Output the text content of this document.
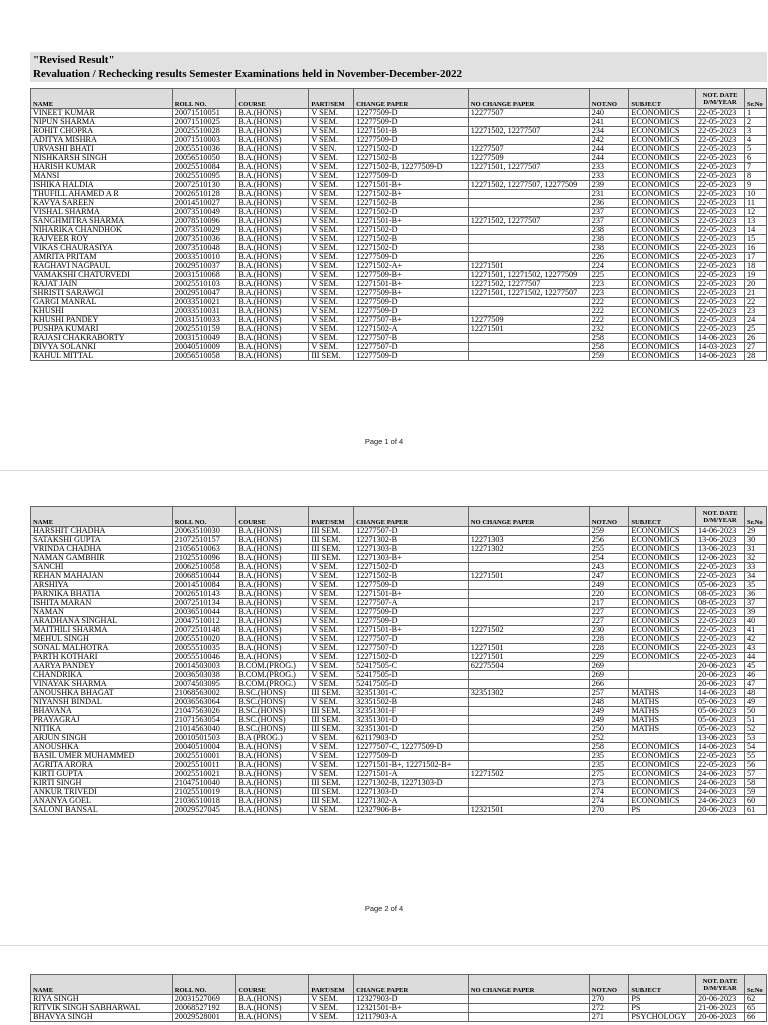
"Revised Result"
Revaluation / Rechecking results Semester Examinations held in November-December-2022
NAME	ROLL NO.	COURSE	PART/SEM	CHANGE PAPER	NO CHANGE PAPER	NOT.NO	SUBJECT	NOT. DATE D/M/YEAR	Sr.No
VINEET KUMAR	20071510051	B.A.(HONS)	V SEM.	12277509-D	12277507	240	ECONOMICS	22-05-2023	1
NIPUN SHARMA	20071510025	B.A.(HONS)	V SEM.	12277509-D		241	ECONOMICS	22-05-2023	2
ROHIT CHOPRA	20025510028	B.A.(HONS)	V SEM.	12271501-B	12271502, 12277507	234	ECONOMICS	22-05-2023	3
ADITYA MISHRA	20071510003	B.A.(HONS)	V SEM.	12277509-D		242	ECONOMICS	22-05-2023	4
URVASHI BHATI	20055510036	B.A.(HONS)	V SEN.	12271502-D	12277507	244	ECONOMICS	22-05-2023	5
NISHKARSH SINGH	20056510050	B.A.(HONS)	V SEM.	12271502-B	12277509	244	ECONOMICS	22-05-2023	6
HARISH KUMAR	20025510084	B.A.(HONS)	V SEM.	12271502-B, 12277509-D	12271501, 12277507	233	ECONOMICS	22-05-2023	7
MANSI	20025510095	B.A.(HONS)	V SEM.	12277509-D		233	ECONOMICS	22-05-2023	8
ISHIKA HALDIA	20072510130	B.A.(HONS)	V SEM.	12271501-B+	12271502, 12277507, 12277509	239	ECONOMICS	22-05-2023	9
THUFILL AHAMED A R	20026510128	B.A.(HONS)	V SEM.	12271502-B+		231	ECONOMICS	22-05-2023	10
KAVYA SAREEN	20014510027	B.A.(HONS)	V SEM.	12271502-B		236	ECONOMICS	22-05-2023	11
VISHAL SHARMA	20073510049	B.A.(HONS)	V SEM.	12271502-D		237	ECONOMICS	22-05-2023	12
SANGHMITRA SHARMA	20078510096	B.A.(HONS)	V SEM.	12271501-B+	12271502, 12277507	237	ECONOMICS	22-05-2023	13
NIHARIKA CHANDHOK	20073510029	B.A.(HONS)	V SEM.	12271502-D		238	ECONOMICS	22-05-2023	14
RAJVEER ROY	20073510036	B.A.(HONS)	V SEM.	12271502-B		238	ECONOMICS	22-05-2023	15
VIKAS CHAURASIYA	20073510048	B.A.(HONS)	V SEM.	12271502-D		238	ECONOMICS	22-05-2023	16
AMRITA PRITAM	20033510010	B.A.(HONS)	V SEM.	12277509-D		226	ECONOMICS	22-05-2023	17
RAGHAVI NAGPAUL	20029510037	B.A.(HONS)	V SEM.	12271502-A+	12271501	224	ECONOMICS	22-05-2023	18
VAMAKSHI CHATURVEDI	20031510068	B.A.(HONS)	V SEM.	12277509-B+	12271501, 12271502, 12277509	225	ECONOMICS	22-05-2023	19
RAJAT JAIN	20025510103	B.A.(HONS)	V SEM.	12271501-B+	12271502, 12277507	223	ECONOMICS	22-05-2023	20
SHRISTI SARAWGI	20029510047	B.A.(HONS)	V SEM.	12277509-B+	12271501, 12271502, 12277507	223	ECONOMICS	22-05-2023	21
GARGI MANRAL	20033510021	B.A.(HONS)	V SEM.	12277509-D		222	ECONOMICS	22-05-2023	22
KHUSHI	20033510031	B.A.(HONS)	V SEM.	12277509-D		222	ECONOMICS	22-05-2023	23
KHUSHI PANDEY	20031510033	B.A.(HONS)	V SEM.	12277507-B+	12277509	222	ECONOMICS	22-05-2023	24
PUSHPA KUMARI	20025510159	B.A.(HONS)	V SEM.	12271502-A	12271501	232	ECONOMICS	22-05-2023	25
RAJASI CHAKRABORTY	20031510049	B.A.(HONS)	V SEM.	12277507-B		258	ECONOMICS	14-06-2023	26
DIVYA SOLANKI	20040510009	B.A.(HONS)	V SEM.	12277507-D		258	ECONOMICS	14-03-2023	27
RAHUL MITTAL	20056510058	B.A.(HONS)	III SEM.	12277509-D		259	ECONOMICS	14-06-2023	28
Page 1 of 4
NAME	ROLL NO.	COURSE	PART/SEM	CHANGE PAPER	NO CHANGE PAPER	NOT.NO	SUBJECT	NOT. DATE D/M/YEAR	Sr.No
HARSHIT CHADHA	20063510030	B.A.(HONS)	III SEM.	12277507-D		259	ECONOMICS	14-06-2023	29
SATAKSHI GUPTA	21072510157	B.A.(HONS)	III SEM.	12271302-B	12271303	256	ECONOMICS	13-06-2023	30
VRINDA CHADHA	21056510063	B.A.(HONS)	III SEM.	12271303-B	12271302	255	ECONOMICS	13-06-2023	31
NAMAN GAMBHIR	21025510096	B.A.(HONS)	III SEM.	12271303-B+		254	ECONOMICS	12-06-2023	32
SANCHI	20062510058	B.A.(HONS)	V SEM.	12271502-D		243	ECONOMICS	22-05-2023	33
REHAN MAHAJAN	20068510044	B.A.(HONS)	V SEM.	12271502-B	12271501	247	ECONOMICS	22-05-2023	34
ARSHIYA	20014510084	B.A.(HONS)	V SEM.	12277509-D		249	ECONOMICS	05-06-2023	35
PARNIKA BHATIA	20026510143	B.A.(HONS)	V SEM.	12271501-B+		220	ECONOMICS	08-05-2023	36
ISHITA MARAN	20072510134	B.A.(HONS)	V SEM.	12277507-A		217	ECONOMICS	08-05-2023	37
NAMAN	20036510044	B.A.(HONS)	V SEM.	12277509-D		227	ECONOMICS	22-05-2023	39
ARADHANA SINGHAL	20047510012	B.A.(HONS)	V SEM.	12277509-D		227	ECONOMICS	22-05-2023	40
MAITHILI SHARMA	20072510148	B.A.(HONS)	V SEM.	12271501-B+	12271502	230	ECONOMICS	22-05-2023	41
MEHUL SINGH	20055510020	B.A.(HONS)	V SEM.	12277507-D		228	ECONOMICS	22-05-2023	42
SONAL MALHOTRA	20055510035	B.A.(HONS)	V SEM.	12277507-D	12271501	228	ECONOMICS	22-05-2023	43
PARTH KOTHARI	20055510046	B.A.(HONS)	V SEM.	12271502-D	12271501	229	ECONOMICS	22-05-2023	44
AARYA PANDEY	20014503003	B.COM.(PROG.)	V SEM.	52417505-C	62275504	269		20-06-2023	45
CHANDRIKA	20036503038	B.COM.(PROG.)	V SEM.	52417505-D		269		20-06-2023	46
VINAYAK SHARMA	20074503095	B.COM.(PROG.)	V SEM.	52417505-D		266		20-06-2023	47
ANOUSHKA BHAGAT	21068563002	B.SC.(HONS)	III SEM.	32351301-C	32351302	257	MATHS	14-06-2023	48
NIYANSH BINDAL	20036563064	B.SC.(HONS)	V SEM.	32351502-B		248	MATHS	05-06-2023	49
BHAVANA	21047563026	B.SC.(HONS)	III SEM.	32351301-F		249	MATHS	05-06-2023	50
PRAYAGRAJ	21071563054	B.SC.(HONS)	III SEM.	32351301-D		249	MATHS	05-06-2023	51
NITIKA	21014563040	B.SC.(HONS)	III SEM.	32351301-D		250	MATHS	05-06-2023	52
ARJUN SINGH	20010501503	B.A (PROG.)	V SEM.	62117903-D		252		13-06-2023	53
ANOUSHKA	20040510004	B.A.(HONS)	V SEM.	12277507-C, 12277509-D		258	ECONOMICS	14-06-2023	54
BASIL UMER MUHAMMED	20025510001	B.A.(HONS)	V SEM.	12277509-D		235	ECONOMICS	22-05-2023	55
AGRITA ARORA	20025510011	B.A.(HONS)	V SEM.	12271501-B+, 12271502-B+		235	ECONOMICS	22-05-2023	56
KIRTI GUPTA	20025510021	B.A.(HONS)	V SEM.	12271501-A	12271502	275	ECONOMICS	24-06-2023	57
KIRTI SINGH	21047510040	B.A.(HONS)	III SEM.	12271302-B, 12271303-D		273	ECONOMICS	24-06-2023	58
ANKUR TRIVEDI	21025510019	B.A.(HONS)	III SEM.	12271303-D		274	ECONOMICS	24-06-2023	59
ANANYA GOEL	21036510018	B.A.(HONS)	III SEM.	12271302-A		274	ECONOMICS	24-06-2023	60
SALONI BANSAL	20029527045	B.A.(HONS)	V SEM.	12327906-B+	12321501	270	PS	20-06-2023	61
Page 2 of 4
NAME	ROLL NO.	COURSE	PART/SEM	CHANGE PAPER	NO CHANGE PAPER	NOT.NO	SUBJECT	NOT. DATE D/M/YEAR	Sr.No
RIYA SINGH	20031527069	B.A.(HONS)	V SEM.	12327903-D		270	PS	20-06-2023	62
RITVIK SINGH SABHARWAL	20068527192	B.A.(HONS)	V SEM.	12321501-B+		272	PS	21-06-2023	65
BHAVYA SINGH	20029528001	B.A.(HONS)	V SEM.	12117903-A		271	PSYCHOLOGY	20-06-2023	66
